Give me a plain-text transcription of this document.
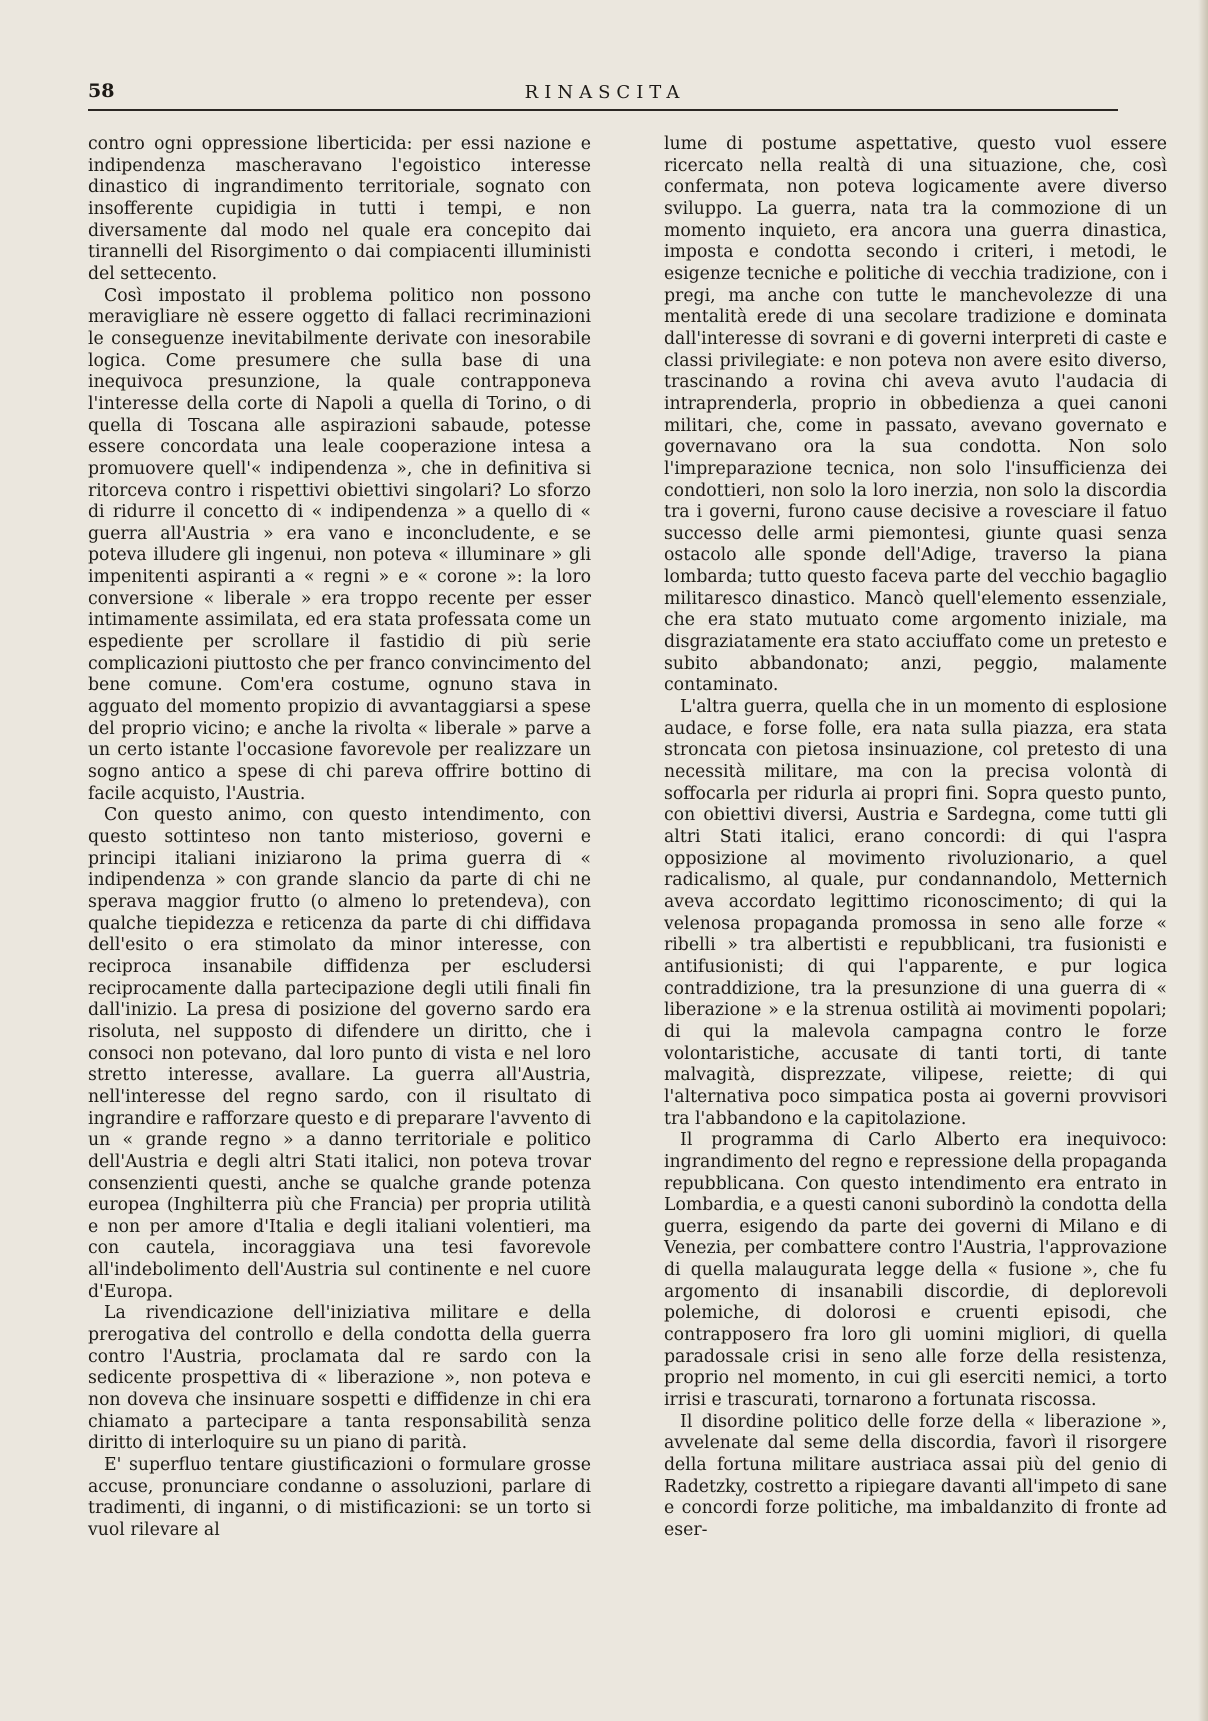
58	RINASCITA

contro ogni oppressione liberticida: per essi nazione e indipendenza mascheravano l'egoistico interesse dinastico di ingrandimento territoriale, sognato con insofferente cupidigia in tutti i tempi, e non diversamente dal modo nel quale era concepito dai tirannelli del Risorgimento o dai compiacenti illuministi del settecento.

Così impostato il problema politico non possono meravigliare nè essere oggetto di fallaci recriminazioni le conseguenze inevitabilmente derivate con inesorabile logica. Come presumere che sulla base di una inequivoca presunzione, la quale contrapponeva l'interesse della corte di Napoli a quella di Torino, o di quella di Toscana alle aspirazioni sabaude, potesse essere concordata una leale cooperazione intesa a promuovere quell'« indipendenza », che in definitiva si ritorceva contro i rispettivi obiettivi singolari? Lo sforzo di ridurre il concetto di « indipendenza » a quello di « guerra all'Austria » era vano e inconcludente, e se poteva illudere gli ingenui, non poteva « illuminare » gli impenitenti aspiranti a « regni » e « corone »: la loro conversione « liberale » era troppo recente per esser intimamente assimilata, ed era stata professata come un espediente per scrollare il fastidio di più serie complicazioni piuttosto che per franco convincimento del bene comune. Com'era costume, ognuno stava in agguato del momento propizio di avvantaggiarsi a spese del proprio vicino; e anche la rivolta « liberale » parve a un certo istante l'occasione favorevole per realizzare un sogno antico a spese di chi pareva offrire bottino di facile acquisto, l'Austria.

Con questo animo, con questo intendimento, con questo sottinteso non tanto misterioso, governi e principi italiani iniziarono la prima guerra di « indipendenza » con grande slancio da parte di chi ne sperava maggior frutto (o almeno lo pretendeva), con qualche tiepidezza e reticenza da parte di chi diffidava dell'esito o era stimolato da minor interesse, con reciproca insanabile diffidenza per escludersi reciprocamente dalla partecipazione degli utili finali fin dall'inizio. La presa di posizione del governo sardo era risoluta, nel supposto di difendere un diritto, che i consoci non potevano, dal loro punto di vista e nel loro stretto interesse, avallare. La guerra all'Austria, nell'interesse del regno sardo, con il risultato di ingrandire e rafforzare questo e di preparare l'avvento di un « grande regno » a danno territoriale e politico dell'Austria e degli altri Stati italici, non poteva trovar consenzienti questi, anche se qualche grande potenza europea (Inghilterra più che Francia) per propria utilità e non per amore d'Italia e degli italiani volentieri, ma con cautela, incoraggiava una tesi favorevole all'indebolimento dell'Austria sul continente e nel cuore d'Europa.

La rivendicazione dell'iniziativa militare e della prerogativa del controllo e della condotta della guerra contro l'Austria, proclamata dal re sardo con la sedicente prospettiva di « liberazione », non poteva e non doveva che insinuare sospetti e diffidenze in chi era chiamato a partecipare a tanta responsabilità senza diritto di interloquire su un piano di parità.

E' superfluo tentare giustificazioni o formulare grosse accuse, pronunciare condanne o assoluzioni, parlare di tradimenti, di inganni, o di mistificazioni: se un torto si vuol rilevare al

lume di postume aspettative, questo vuol essere ricercato nella realtà di una situazione, che, così confermata, non poteva logicamente avere diverso sviluppo. La guerra, nata tra la commozione di un momento inquieto, era ancora una guerra dinastica, imposta e condotta secondo i criteri, i metodi, le esigenze tecniche e politiche di vecchia tradizione, con i pregi, ma anche con tutte le manchevolezze di una mentalità erede di una secolare tradizione e dominata dall'interesse di sovrani e di governi interpreti di caste e classi privilegiate: e non poteva non avere esito diverso, trascinando a rovina chi aveva avuto l'audacia di intraprenderla, proprio in obbedienza a quei canoni militari, che, come in passato, avevano governato e governavano ora la sua condotta. Non solo l'impreparazione tecnica, non solo l'insufficienza dei condottieri, non solo la loro inerzia, non solo la discordia tra i governi, furono cause decisive a rovesciare il fatuo successo delle armi piemontesi, giunte quasi senza ostacolo alle sponde dell'Adige, traverso la piana lombarda; tutto questo faceva parte del vecchio bagaglio militaresco dinastico. Mancò quell'elemento essenziale, che era stato mutuato come argomento iniziale, ma disgraziatamente era stato acciuffato come un pretesto e subito abbandonato; anzi, peggio, malamente contaminato.

L'altra guerra, quella che in un momento di esplosione audace, e forse folle, era nata sulla piazza, era stata stroncata con pietosa insinuazione, col pretesto di una necessità militare, ma con la precisa volontà di soffocarla per ridurla ai propri fini. Sopra questo punto, con obiettivi diversi, Austria e Sardegna, come tutti gli altri Stati italici, erano concordi: di qui l'aspra opposizione al movimento rivoluzionario, a quel radicalismo, al quale, pur condannandolo, Metternich aveva accordato legittimo riconoscimento; di qui la velenosa propaganda promossa in seno alle forze « ribelli » tra albertisti e repubblicani, tra fusionisti e antifusionisti; di qui l'apparente, e pur logica contraddizione, tra la presunzione di una guerra di « liberazione » e la strenua ostilità ai movimenti popolari; di qui la malevola campagna contro le forze volontaristiche, accusate di tanti torti, di tante malvagità, disprezzate, vilipese, reiette; di qui l'alternativa poco simpatica posta ai governi provvisori tra l'abbandono e la capitolazione.

Il programma di Carlo Alberto era inequivoco: ingrandimento del regno e repressione della propaganda repubblicana. Con questo intendimento era entrato in Lombardia, e a questi canoni subordinò la condotta della guerra, esigendo da parte dei governi di Milano e di Venezia, per combattere contro l'Austria, l'approvazione di quella malaugurata legge della « fusione », che fu argomento di insanabili discordie, di deplorevoli polemiche, di dolorosi e cruenti episodi, che contrapposero fra loro gli uomini migliori, di quella paradossale crisi in seno alle forze della resistenza, proprio nel momento, in cui gli eserciti nemici, a torto irrisi e trascurati, tornarono a fortunata riscossa.

Il disordine politico delle forze della « liberazione », avvelenate dal seme della discordia, favorì il risorgere della fortuna militare austriaca assai più del genio di Radetzky, costretto a ripiegare davanti all'impeto di sane e concordi forze politiche, ma imbaldanzito di fronte ad eser-
